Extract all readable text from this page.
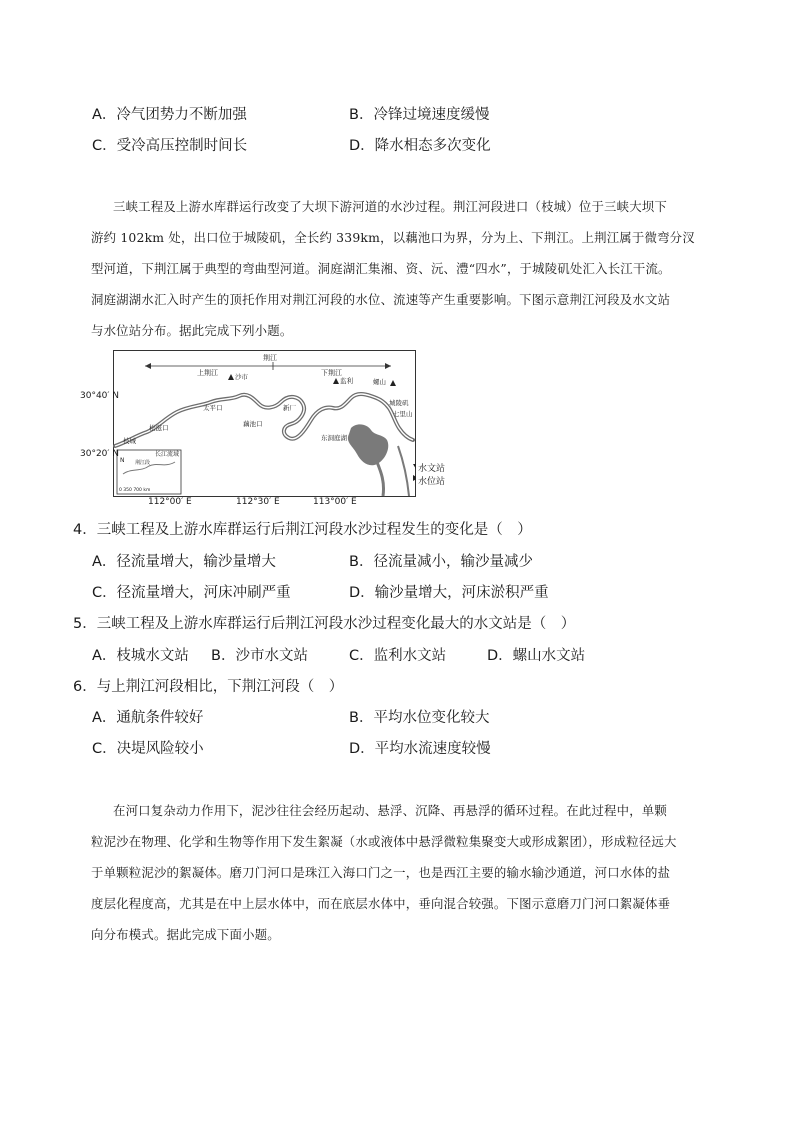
A．冷气团势力不断加强	B．冷锋过境速度缓慢
C．受冷高压控制时间长	D．降水相态多次变化
三峡工程及上游水库群运行改变了大坝下游河道的水沙过程。荆江河段进口（枝城）位于三峡大坝下
游约 102km 处，出口位于城陵矶，全长约 339km，以藕池口为界，分为上、下荆江。上荆江属于微弯分汊
型河道，下荆江属于典型的弯曲型河道。洞庭湖汇集湘、资、沅、澧“四水”，于城陵矶处汇入长江干流。
洞庭湖湖水汇入时产生的顶托作用对荆江河段的水位、流速等产生重要影响。下图示意荆江河段及水文站
与水位站分布。据此完成下列小题。
荆江
上荆江	下荆江
沙市	监利	螺山
太平口	新厂
城陵矶
七里山
藕池口
松滋口
枝城	东洞庭湖
长江流域
荆江段
N
0 350 700 km
30°40′ N
30°20′ N
112°00′ E	112°30′ E	113°00′ E
水文站
水位站
4．三峡工程及上游水库群运行后荆江河段水沙过程发生的变化是（　）
A．径流量增大，输沙量增大	B．径流量减小，输沙量减少
C．径流量增大，河床冲刷严重	D．输沙量增大，河床淤积严重
5．三峡工程及上游水库群运行后荆江河段水沙过程变化最大的水文站是（　）
A．枝城水文站 B．沙市水文站	C．监利水文站	D．螺山水文站
6．与上荆江河段相比，下荆江河段（　）
A．通航条件较好	B．平均水位变化较大
C．决堤风险较小	D．平均水流速度较慢
在河口复杂动力作用下，泥沙往往会经历起动、悬浮、沉降、再悬浮的循环过程。在此过程中，单颗
粒泥沙在物理、化学和生物等作用下发生絮凝（水或液体中悬浮微粒集聚变大或形成絮团），形成粒径远大
于单颗粒泥沙的絮凝体。磨刀门河口是珠江入海口门之一，也是西江主要的输水输沙通道，河口水体的盐
度层化程度高，尤其是在中上层水体中，而在底层水体中，垂向混合较强。下图示意磨刀门河口絮凝体垂
向分布模式。据此完成下面小题。
